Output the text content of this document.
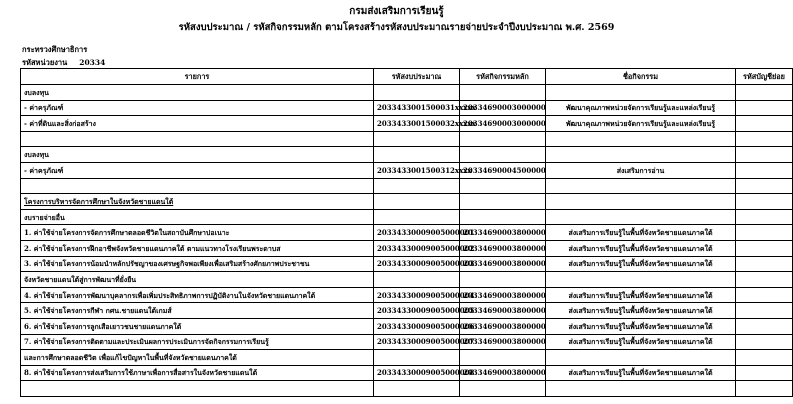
กรมส่งเสริมการเรียนรู้
รหัสงบประมาณ / รหัสกิจกรรมหลัก ตามโครงสร้างรหัสงบประมาณรายจ่ายประจำปีงบประมาณ พ.ศ. 2569
กระทรวงศึกษาธิการ
รหัสหน่วยงาน 20334
รายการ	รหัสงบประมาณ	รหัสกิจกรรมหลัก	ชื่อกิจกรรม	รหัสบัญชีย่อย
งบลงทุน				
- ค่าครุภัณฑ์	2033433001500031xxxxx	20334690003000000	พัฒนาคุณภาพหน่วยจัดการเรียนรู้และแหล่งเรียนรู้	
- ค่าที่ดินและสิ่งก่อสร้าง	2033433001500032xxxxx	20334690003000000	พัฒนาคุณภาพหน่วยจัดการเรียนรู้และแหล่งเรียนรู้	

งบลงทุน				
- ค่าครุภัณฑ์	2033433001500312xxxx	20334690004500000	ส่งเสริมการอ่าน	

โครงการบริหารจัดการศึกษาในจังหวัดชายแดนใต้				
งบรายจ่ายอื่น				
1. ค่าใช้จ่ายโครงการจัดการศึกษาตลอดชีวิตในสถาบันศึกษาปอเนาะ	20334330009005000001	20334690003800000	ส่งเสริมการเรียนรู้ในพื้นที่จังหวัดชายแดนภาคใต้	
2. ค่าใช้จ่ายโครงการฝึกอาชีพจังหวัดชายแดนภาคใต้ ตามแนวทางโรงเรียนพระดาบส	20334330009005000002	20334690003800000	ส่งเสริมการเรียนรู้ในพื้นที่จังหวัดชายแดนภาคใต้	
3. ค่าใช้จ่ายโครงการน้อมนำหลักปรัชญาของเศรษฐกิจพอเพียงเพื่อเสริมสร้างศักยภาพประชาชน	20334330009005000003	20334690003800000	ส่งเสริมการเรียนรู้ในพื้นที่จังหวัดชายแดนภาคใต้	
จังหวัดชายแดนใต้สู่การพัฒนาที่ยั่งยืน				
4. ค่าใช้จ่ายโครงการพัฒนาบุคลากรเพื่อเพิ่มประสิทธิภาพการปฏิบัติงานในจังหวัดชายแดนภาคใต้	20334330009005000004	20334690003800000	ส่งเสริมการเรียนรู้ในพื้นที่จังหวัดชายแดนภาคใต้	
5. ค่าใช้จ่ายโครงการกีฬา กศน.ชายแดนใต้เกมส์	20334330009005000005	20334690003800000	ส่งเสริมการเรียนรู้ในพื้นที่จังหวัดชายแดนภาคใต้	
6. ค่าใช้จ่ายโครงการลูกเสือเยาวชนชายแดนภาคใต้	20334330009005000006	20334690003800000	ส่งเสริมการเรียนรู้ในพื้นที่จังหวัดชายแดนภาคใต้	
7. ค่าใช้จ่ายโครงการติดตามและประเมินผลการประเมินการจัดกิจกรรมการเรียนรู้	20334330009005000007	20334690003800000	ส่งเสริมการเรียนรู้ในพื้นที่จังหวัดชายแดนภาคใต้	
และการศึกษาตลอดชีวิต เพื่อแก้ไขปัญหาในพื้นที่จังหวัดชายแดนภาคใต้				
8. ค่าใช้จ่ายโครงการส่งเสริมการใช้ภาษาเพื่อการสื่อสารในจังหวัดชายแดนใต้	20334330009005000008	20334690003800000	ส่งเสริมการเรียนรู้ในพื้นที่จังหวัดชายแดนภาคใต้	
